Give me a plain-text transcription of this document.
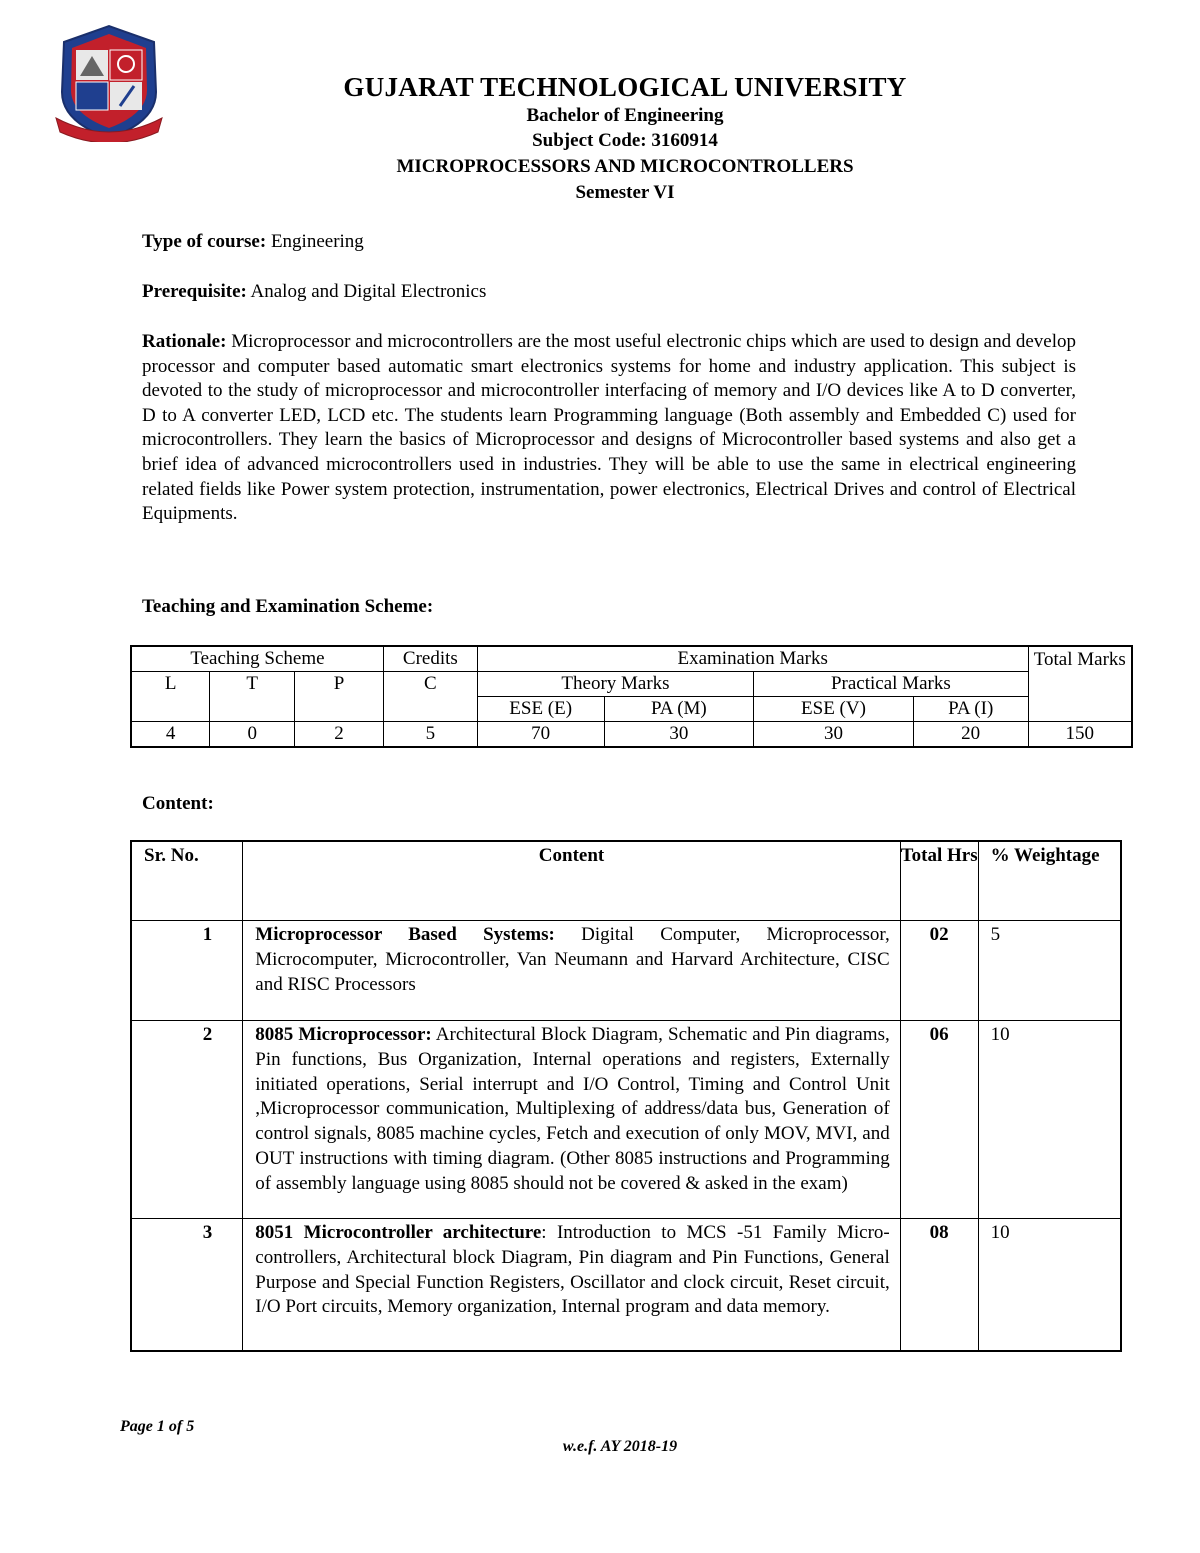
GUJARAT TECHNOLOGICAL UNIVERSITY
Bachelor of Engineering
Subject Code: 3160914
MICROPROCESSORS AND MICROCONTROLLERS
Semester VI
Type of course: Engineering
Prerequisite: Analog and Digital Electronics
Rationale: Microprocessor and microcontrollers are the most useful electronic chips which are used to design and develop processor and computer based automatic smart electronics systems for home and industry application. This subject is devoted to the study of microprocessor and microcontroller interfacing of memory and I/O devices like A to D converter, D to A converter LED, LCD etc. The students learn Programming language (Both assembly and Embedded C) used for microcontrollers. They learn the basics of Microprocessor and designs of Microcontroller based systems and also get a brief idea of advanced microcontrollers used in industries. They will be able to use the same in electrical engineering related fields like Power system protection, instrumentation, power electronics, Electrical Drives and control of Electrical Equipments.
Teaching and Examination Scheme:
Teaching Scheme			Credits	Examination Marks				Total Marks
L	T	P	C	Theory Marks		Practical Marks		
				ESE (E)	PA (M)	ESE (V)	PA (I)	
4	0	2	5	70	30	30	20	150
Content:
Sr. No.	Content	Total Hrs	% Weightage
1	Microprocessor Based Systems: Digital Computer, Microprocessor, Microcomputer, Microcontroller, Van Neumann and Harvard Architecture, CISC and RISC Processors	02	5
2	8085 Microprocessor: Architectural Block Diagram, Schematic and Pin diagrams, Pin functions, Bus Organization, Internal operations and registers, Externally initiated operations, Serial interrupt and I/O Control, Timing and Control Unit ,Microprocessor communication, Multiplexing of address/data bus, Generation of control signals, 8085 machine cycles, Fetch and execution of only MOV, MVI, and OUT instructions with timing diagram. (Other 8085 instructions and Programming of assembly language using 8085 should not be covered & asked in the exam)	06	10
3	8051 Microcontroller architecture: Introduction to MCS -51 Family Micro-controllers, Architectural block Diagram, Pin diagram and Pin Functions, General Purpose and Special Function Registers, Oscillator and clock circuit, Reset circuit, I/O Port circuits, Memory organization, Internal program and data memory.	08	10
Page 1 of 5
w.e.f. AY 2018-19
